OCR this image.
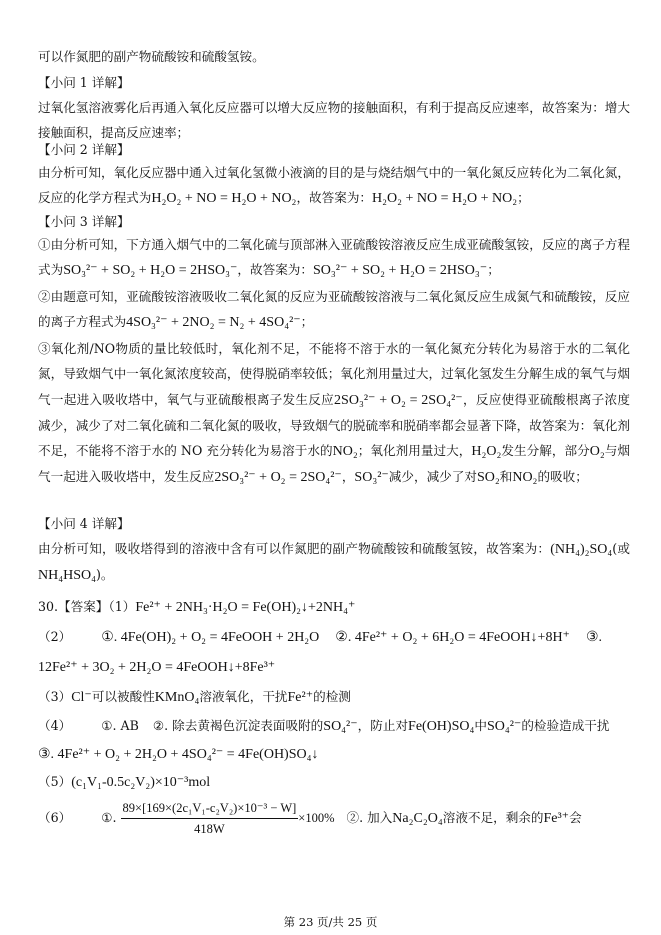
可以作氮肥的副产物硫酸铵和硫酸氢铵。
【小问 1 详解】
过氧化氢溶液雾化后再通入氧化反应器可以增大反应物的接触面积，有利于提高反应速率，故答案为：增大接触面积，提高反应速率；
【小问 2 详解】
由分析可知，氧化反应器中通入过氧化氢微小液滴的目的是与烧结烟气中的一氧化氮反应转化为二氧化氮，反应的化学方程式为H₂O₂ + NO = H₂O + NO₂，故答案为：H₂O₂ + NO = H₂O + NO₂；
【小问 3 详解】
①由分析可知，下方通入烟气中的二氧化硫与顶部淋入亚硫酸铵溶液反应生成亚硫酸氢铵，反应的离子方程式为SO₃²⁻ + SO₂ + H₂O = 2HSO₃⁻，故答案为：SO₃²⁻ + SO₂ + H₂O = 2HSO₃⁻；
②由题意可知，亚硫酸铵溶液吸收二氧化氮的反应为亚硫酸铵溶液与二氧化氮反应生成氮气和硫酸铵，反应的离子方程式为4SO₃²⁻ + 2NO₂ = N₂ + 4SO₄²⁻；
③氧化剂/NO物质的量比较低时，氧化剂不足，不能将不溶于水的一氧化氮充分转化为易溶于水的二氧化氮，导致烟气中一氧化氮浓度较高，使得脱硝率较低；氧化剂用量过大，过氧化氢发生分解生成的氧气与烟气一起进入吸收塔中，氧气与亚硫酸根离子发生反应2SO₃²⁻ + O₂ = 2SO₄²⁻，反应使得亚硫酸根离子浓度减少，减少了对二氧化硫和二氧化氮的吸收，导致烟气的脱硫率和脱硝率都会显著下降，故答案为：氧化剂不足，不能将不溶于水的 NO 充分转化为易溶于水的NO₂；氧化剂用量过大，H₂O₂发生分解，部分O₂与烟气一起进入吸收塔中，发生反应2SO₃²⁻ + O₂ = 2SO₄²⁻，SO₃²⁻减少，减少了对SO₂和NO₂的吸收；
【小问 4 详解】
由分析可知，吸收塔得到的溶液中含有可以作氮肥的副产物硫酸铵和硫酸氢铵，故答案为：(NH₄)₂SO₄(或NH₄HSO₄)。
30.【答案】（1）Fe²⁺ + 2NH₃·H₂O = Fe(OH)₂↓+2NH₄⁺
（2） ①. 4Fe(OH)₂ + O₂ = 4FeOOH + 2H₂O ②. 4Fe²⁺ + O₂ + 6H₂O = 4FeOOH↓+8H⁺ ③.
12Fe²⁺ + 3O₂ + 2H₂O = 4FeOOH↓+8Fe³⁺
（3）Cl⁻可以被酸性KMnO₄溶液氧化，干扰Fe²⁺的检测
（4） ①. AB ②. 除去黄褐色沉淀表面吸附的SO₄²⁻，防止对Fe(OH)SO₄中SO₄²⁻的检验造成干扰
③. 4Fe²⁺ + O₂ + 2H₂O + 4SO₄²⁻ = 4Fe(OH)SO₄↓
（5）(c₁V₁-0.5c₂V₂)×10⁻³mol
（6） ①. $\frac{\text{89×[169×(2c₁V₁-c₂V₂)×10⁻³ − W]}}{418W} \times 100\%$ ②. 加入Na₂C₂O₄溶液不足，剩余的Fe³⁺会
第 23 页/共 25 页
